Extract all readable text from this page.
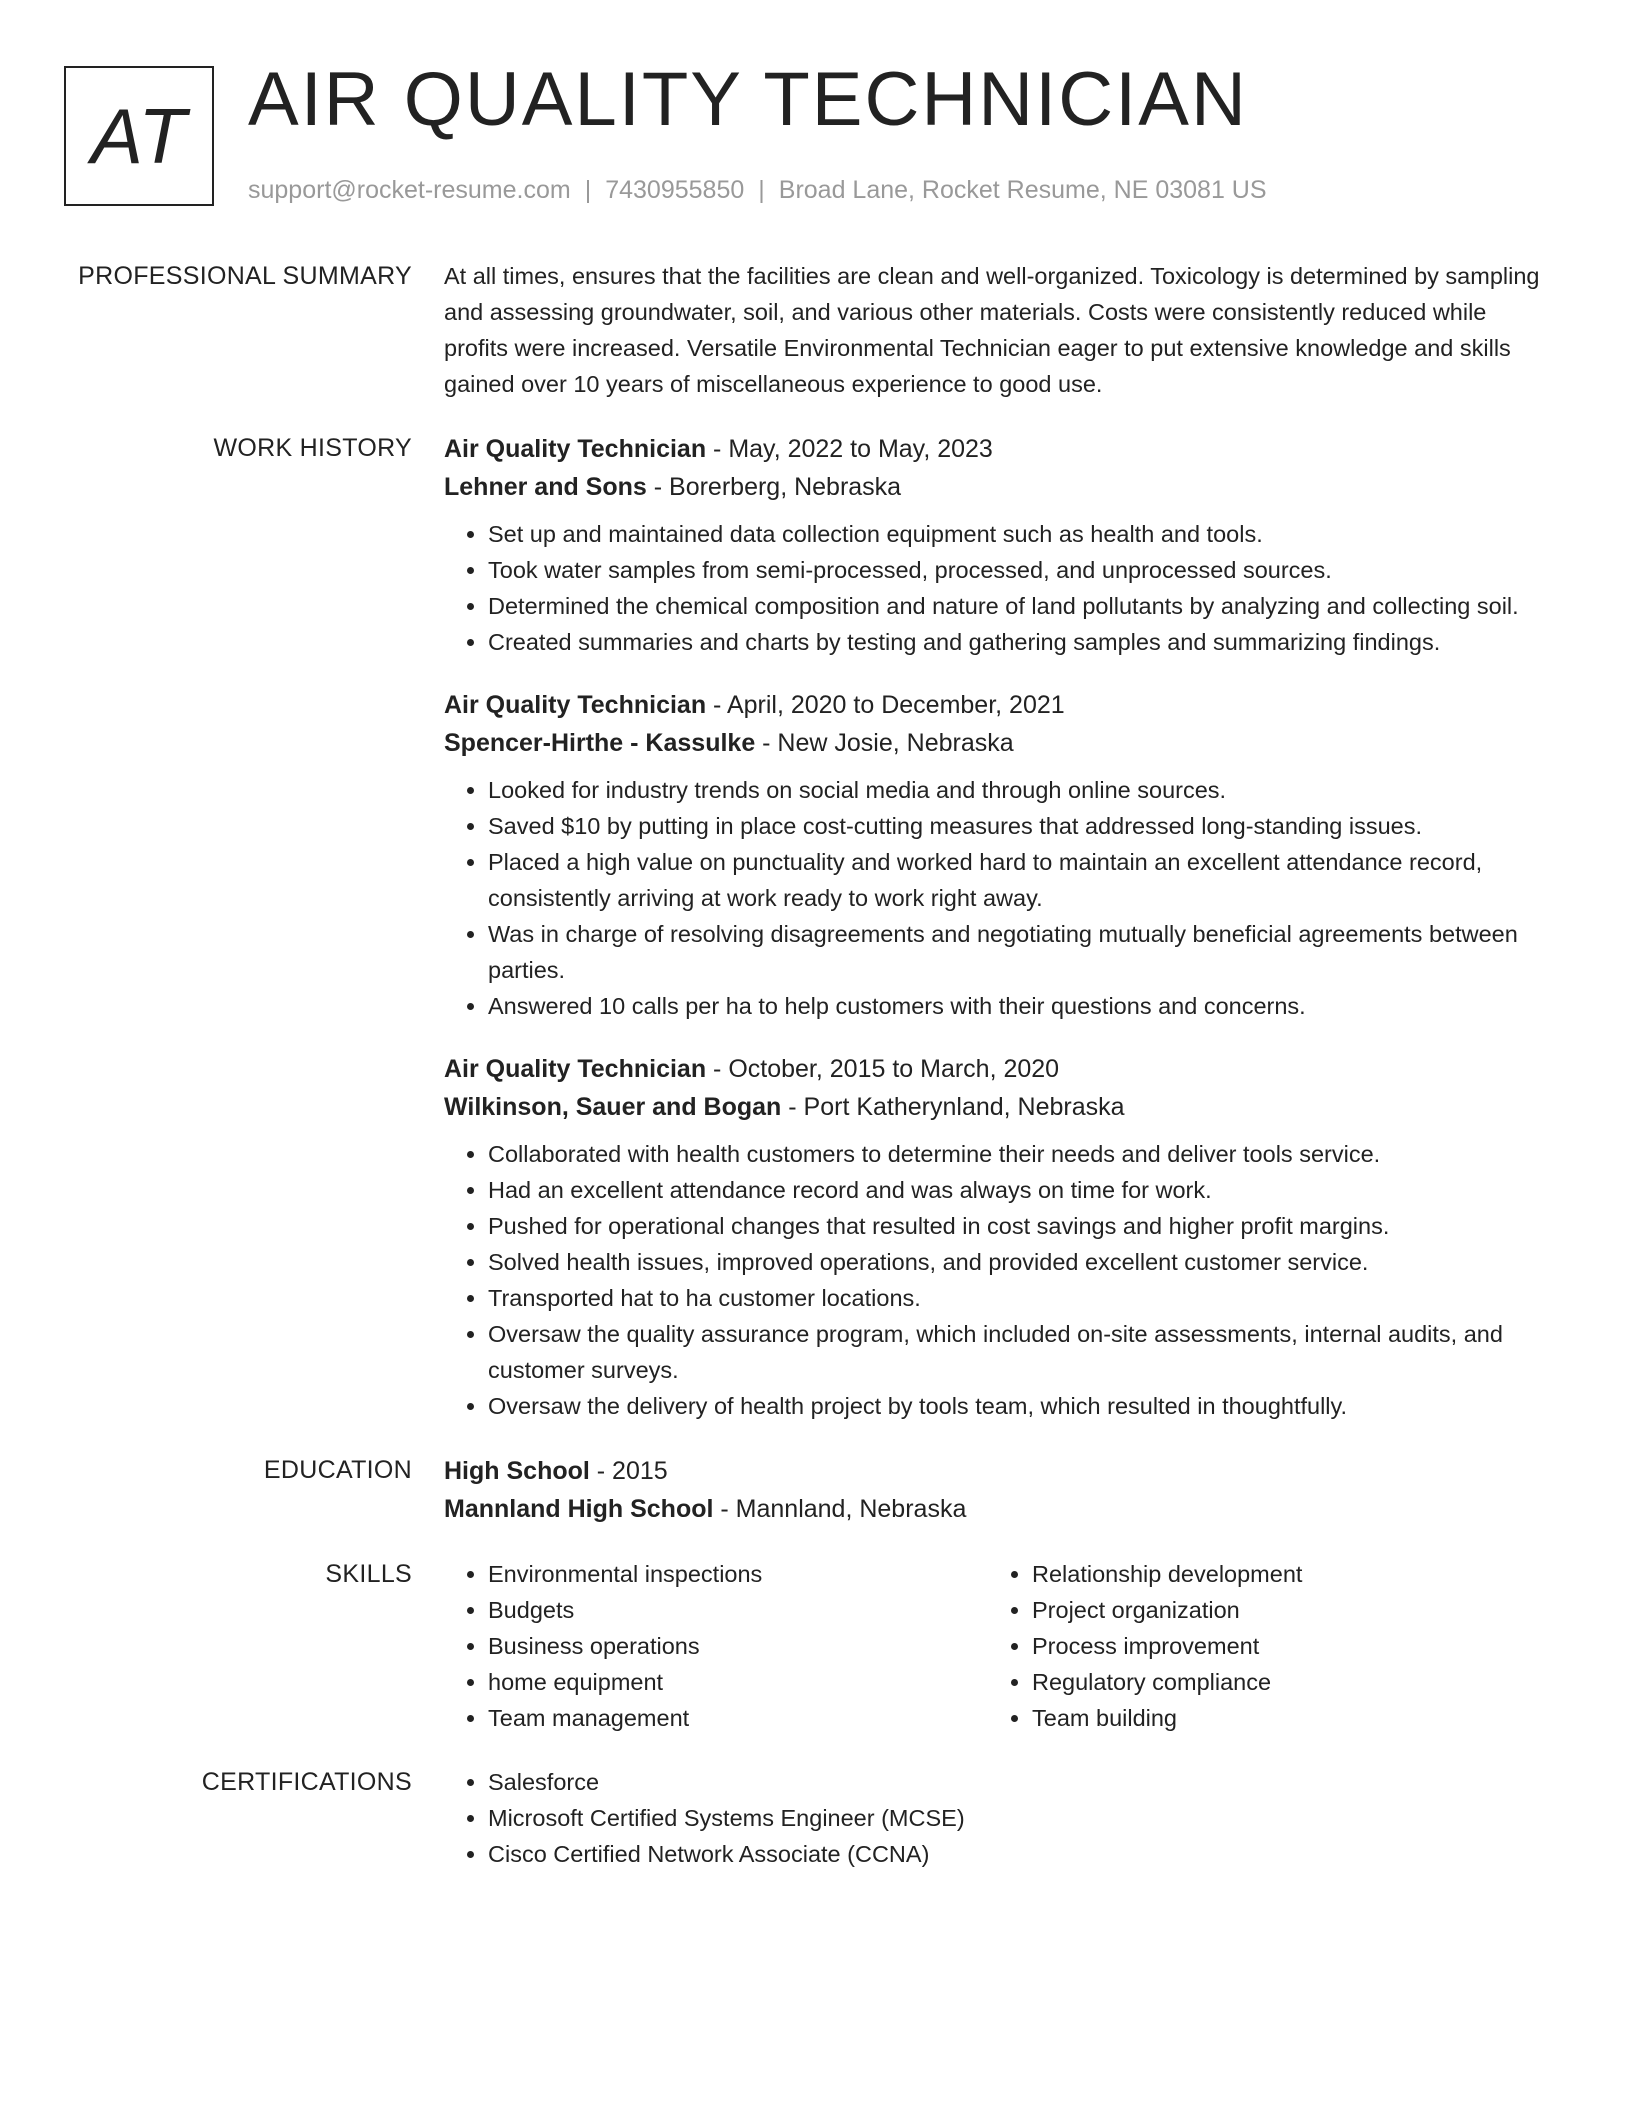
AT AIR QUALITY TECHNICIAN
support@rocket-resume.com | 7430955850 | Broad Lane, Rocket Resume, NE 03081 US
PROFESSIONAL SUMMARY At all times, ensures that the facilities are clean and well-organized. Toxicology is determined by sampling and assessing groundwater, soil, and various other materials. Costs were consistently reduced while profits were increased. Versatile Environmental Technician eager to put extensive knowledge and skills gained over 10 years of miscellaneous experience to good use.

WORK HISTORY Air Quality Technician - May, 2022 to May, 2023
Lehner and Sons - Borerberg, Nebraska
• Set up and maintained data collection equipment such as health and tools.
• Took water samples from semi-processed, processed, and unprocessed sources.
• Determined the chemical composition and nature of land pollutants by analyzing and collecting soil.
• Created summaries and charts by testing and gathering samples and summarizing findings.
Air Quality Technician - April, 2020 to December, 2021
Spencer-Hirthe - Kassulke - New Josie, Nebraska
• Looked for industry trends on social media and through online sources.
• Saved $10 by putting in place cost-cutting measures that addressed long-standing issues.
• Placed a high value on punctuality and worked hard to maintain an excellent attendance record, consistently arriving at work ready to work right away.
• Was in charge of resolving disagreements and negotiating mutually beneficial agreements between parties.
• Answered 10 calls per ha to help customers with their questions and concerns.
Air Quality Technician - October, 2015 to March, 2020
Wilkinson, Sauer and Bogan - Port Katherynland, Nebraska
• Collaborated with health customers to determine their needs and deliver tools service.
• Had an excellent attendance record and was always on time for work.
• Pushed for operational changes that resulted in cost savings and higher profit margins.
• Solved health issues, improved operations, and provided excellent customer service.
• Transported hat to ha customer locations.
• Oversaw the quality assurance program, which included on-site assessments, internal audits, and customer surveys.
• Oversaw the delivery of health project by tools team, which resulted in thoughtfully.
EDUCATION High School - 2015
Mannland High School - Mannland, Nebraska
SKILLS	• Environmental inspections
• Budgets
• Business operations
• home equipment
• Team management
• Relationship development
• Project organization
• Process improvement
• Regulatory compliance
• Team building
CERTIFICATIONS	• Salesforce
• Microsoft Certified Systems Engineer (MCSE)
• Cisco Certified Network Associate (CCNA)
